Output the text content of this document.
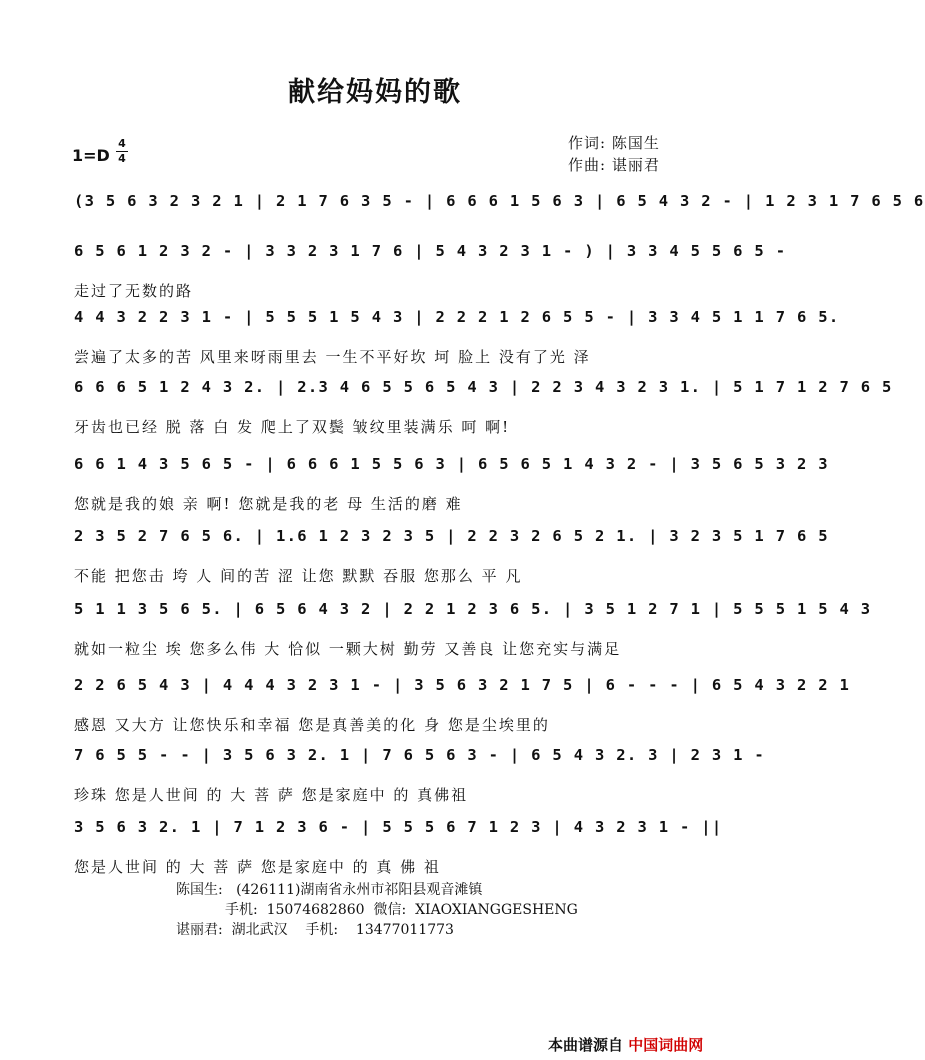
献给妈妈的歌
1=D
4
4
作词: 陈国生
作曲: 谌丽君
(3 5 6 3 2 3 2 1 | 2 1 7 6 3 5 - | 6 6 6 1 5 6 3 | 6 5 4 3 2 - | 1 2 3 1 7 6 5 6
6 5 6 1 2 3 2 - | 3 3 2 3 1 7 6 | 5 4 3 2 3 1 - ) | 3 3 4 5 5 6 5 -
走过了无数的路
4 4 3 2 2 3 1 - | 5 5 5 1 5 4 3 | 2 2 2 1 2 6 5 5 - | 3 3 4 5 1 1 7 6 5.
尝遍了太多的苦 风里来呀雨里去 一生不平好坎 坷 脸上 没有了光 泽
6 6 6 5 1 2 4 3 2. | 2.3 4 6 5 5 6 5 4 3 | 2 2 3 4 3 2 3 1. | 5 1 7 1 2 7 6 5
牙齿也已经 脱 落 白 发 爬上了双鬓 皱纹里装满乐 呵 啊!
6 6 1 4 3 5 6 5 - | 6 6 6 1 5 5 6 3 | 6 5 6 5 1 4 3 2 - | 3 5 6 5 3 2 3
您就是我的娘 亲 啊! 您就是我的老 母 生活的磨 难
2 3 5 2 7 6 5 6. | 1.6 1 2 3 2 3 5 | 2 2 3 2 6 5 2 1. | 3 2 3 5 1 7 6 5
不能 把您击 垮 人 间的苦 涩 让您 默默 吞服 您那么 平 凡
5 1 1 3 5 6 5. | 6 5 6 4 3 2 | 2 2 1 2 3 6 5. | 3 5 1 2 7 1 | 5 5 5 1 5 4 3
就如一粒尘 埃 您多么伟 大 恰似 一颗大树 勤劳 又善良 让您充实与满足
2 2 6 5 4 3 | 4 4 4 3 2 3 1 - | 3 5 6 3 2 1 7 5 | 6 - - - | 6 5 4 3 2 2 1
感恩 又大方 让您快乐和幸福 您是真善美的化 身 您是尘埃里的
7 6 5 5 - - | 3 5 6 3 2. 1 | 7 6 5 6 3 - | 6 5 4 3 2. 3 | 2 3 1 -
珍珠 您是人世间 的 大 菩 萨 您是家庭中 的 真佛祖
3 5 6 3 2. 1 | 7 1 2 3 6 - | 5 5 5 6 7 1 2 3 | 4 3 2 3 1 - ||
您是人世间 的 大 菩 萨 您是家庭中 的 真 佛 祖
陈国生:   (426111)湖南省永州市祁阳县观音滩镇
手机:  15074682860  微信:  XIAOXIANGGESHENG
谌丽君:  湖北武汉    手机:    13477011773
本曲谱源自 中国词曲网
